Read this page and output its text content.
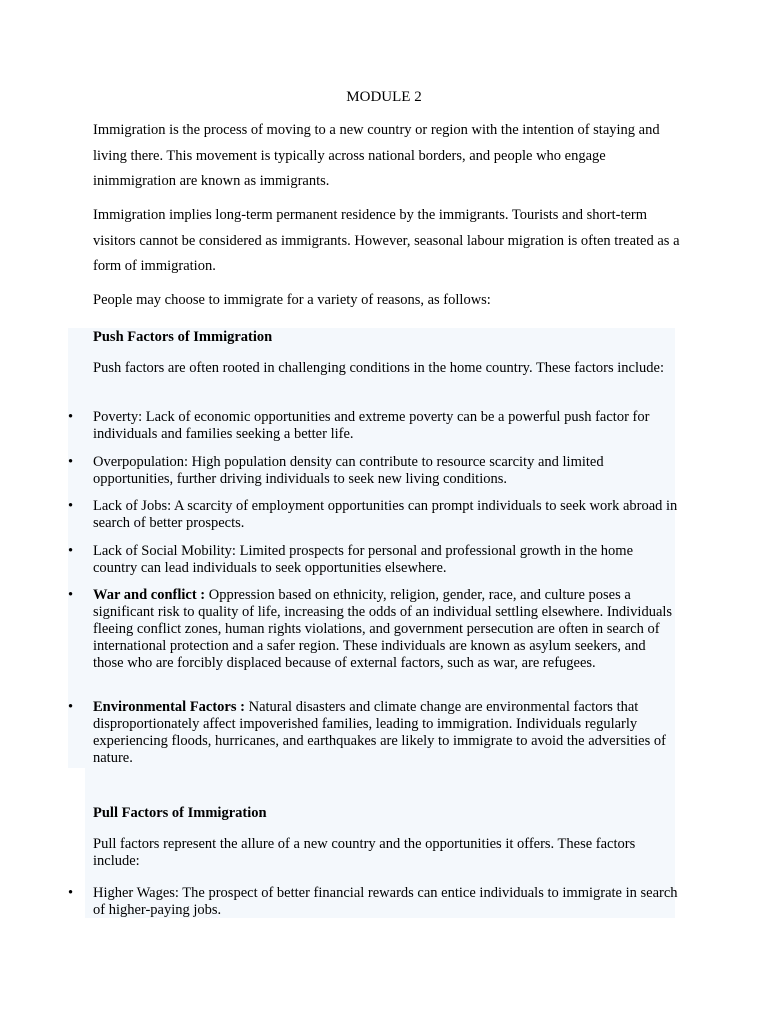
MODULE 2
Immigration is the process of moving to a new country or region with the intention of staying and living there. This movement is typically across national borders, and people who engage inimmigration are known as immigrants.
Immigration implies long-term permanent residence by the immigrants. Tourists and short-term visitors cannot be considered as immigrants. However, seasonal labour migration is often treated as a form of immigration.
People may choose to immigrate for a variety of reasons, as follows:
Push Factors of Immigration
Push factors are often rooted in challenging conditions in the home country. These factors include:
•	Poverty: Lack of economic opportunities and extreme poverty can be a powerful push factor for individuals and families seeking a better life.
•	Overpopulation: High population density can contribute to resource scarcity and limited opportunities, further driving individuals to seek new living conditions.
•	Lack of Jobs: A scarcity of employment opportunities can prompt individuals to seek work abroad in search of better prospects.
•	Lack of Social Mobility: Limited prospects for personal and professional growth in the home country can lead individuals to seek opportunities elsewhere.
•	War and conflict : Oppression based on ethnicity, religion, gender, race, and culture poses a significant risk to quality of life, increasing the odds of an individual settling elsewhere. Individuals fleeing conflict zones, human rights violations, and government persecution are often in search of international protection and a safer region. These individuals are known as asylum seekers, and those who are forcibly displaced because of external factors, such as war, are refugees.
•	Environmental Factors : Natural disasters and climate change are environmental factors that disproportionately affect impoverished families, leading to immigration. Individuals regularly experiencing floods, hurricanes, and earthquakes are likely to immigrate to avoid the adversities of nature.
Pull Factors of Immigration
Pull factors represent the allure of a new country and the opportunities it offers. These factors include:
•	Higher Wages: The prospect of better financial rewards can entice individuals to immigrate in search of higher-paying jobs.
